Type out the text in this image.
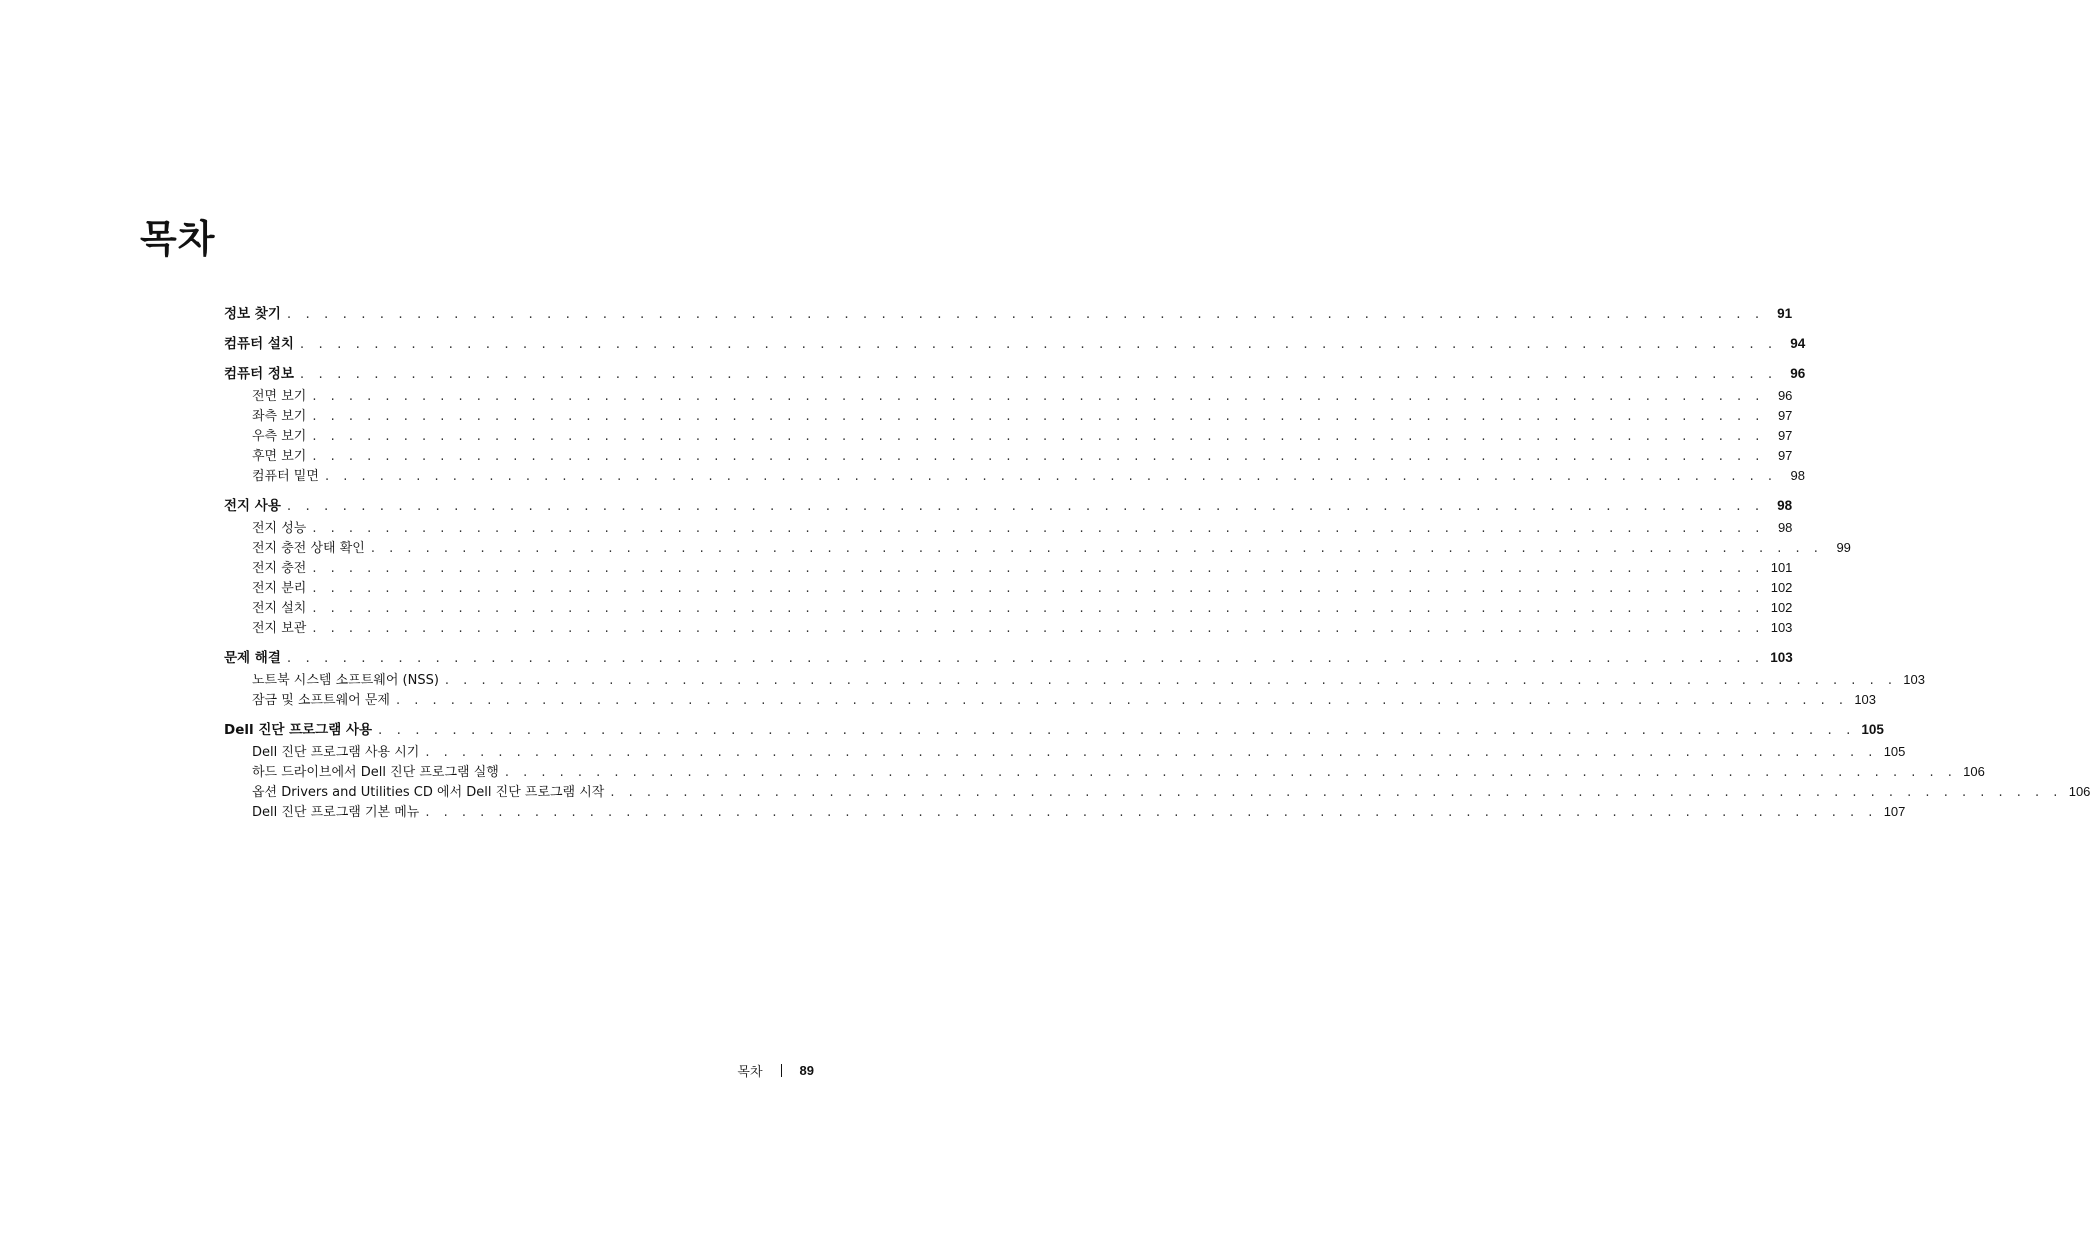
목차
정보 찾기 . . . . . . . . . . . . . . . . . . . . . . . . . . . . . . . . . . . . . . . . . . . . . . . . . . . . . . . . . . . . . . . . . . . . . . . . . . . . . . . . 91
컴퓨터 설치 . . . . . . . . . . . . . . . . . . . . . . . . . . . . . . . . . . . . . . . . . . . . . . . . . . . . . . . . . . . . . . . . . . . . . . . . . . . . . . . . 94
컴퓨터 정보 . . . . . . . . . . . . . . . . . . . . . . . . . . . . . . . . . . . . . . . . . . . . . . . . . . . . . . . . . . . . . . . . . . . . . . . . . . . . . . . . 96
전면 보기 . . . . . . . . . . . . . . . . . . . . . . . . . . . . . . . . . . . . . . . . . . . . . . . . . . . . . . . . . . . . . . . . . . . . . . . . . . . . . . . .	96
좌측 보기 . . . . . . . . . . . . . . . . . . . . . . . . . . . . . . . . . . . . . . . . . . . . . . . . . . . . . . . . . . . . . . . . . . . . . . . . . . . . . . . .	97
우측 보기 . . . . . . . . . . . . . . . . . . . . . . . . . . . . . . . . . . . . . . . . . . . . . . . . . . . . . . . . . . . . . . . . . . . . . . . . . . . . . . . .	97
후면 보기 . . . . . . . . . . . . . . . . . . . . . . . . . . . . . . . . . . . . . . . . . . . . . . . . . . . . . . . . . . . . . . . . . . . . . . . . . . . . . . . .	97
컴퓨터 밑면 . . . . . . . . . . . . . . . . . . . . . . . . . . . . . . . . . . . . . . . . . . . . . . . . . . . . . . . . . . . . . . . . . . . . . . . . . . . . . . . .	98
전지 사용 . . . . . . . . . . . . . . . . . . . . . . . . . . . . . . . . . . . . . . . . . . . . . . . . . . . . . . . . . . . . . . . . . . . . . . . . . . . . . . . . 98
전지 성능 . . . . . . . . . . . . . . . . . . . . . . . . . . . . . . . . . . . . . . . . . . . . . . . . . . . . . . . . . . . . . . . . . . . . . . . . . . . . . . . .	98
전지 충전 상태 확인 . . . . . . . . . . . . . . . . . . . . . . . . . . . . . . . . . . . . . . . . . . . . . . . . . . . . . . . . . . . . . . . . . . . . . . . . . . . . . . . .	99
전지 충전 . . . . . . . . . . . . . . . . . . . . . . . . . . . . . . . . . . . . . . . . . . . . . . . . . . . . . . . . . . . . . . . . . . . . . . . . . . . . . . . . 101
전지 분리 . . . . . . . . . . . . . . . . . . . . . . . . . . . . . . . . . . . . . . . . . . . . . . . . . . . . . . . . . . . . . . . . . . . . . . . . . . . . . . . . 102
전지 설치 . . . . . . . . . . . . . . . . . . . . . . . . . . . . . . . . . . . . . . . . . . . . . . . . . . . . . . . . . . . . . . . . . . . . . . . . . . . . . . . . 102
전지 보관 . . . . . . . . . . . . . . . . . . . . . . . . . . . . . . . . . . . . . . . . . . . . . . . . . . . . . . . . . . . . . . . . . . . . . . . . . . . . . . . . 103
문제 해결 . . . . . . . . . . . . . . . . . . . . . . . . . . . . . . . . . . . . . . . . . . . . . . . . . . . . . . . . . . . . . . . . . . . . . . . . . . . . . . . . 103
노트북 시스템 소프트웨어 (NSS) . . . . . . . . . . . . . . . . . . . . . . . . . . . . . . . . . . . . . . . . . . . . . . . . . . . . . . . . . . . . . . . . . . . . . . . . . . . . . . . . 103
잠금 및 소프트웨어 문제 . . . . . . . . . . . . . . . . . . . . . . . . . . . . . . . . . . . . . . . . . . . . . . . . . . . . . . . . . . . . . . . . . . . . . . . . . . . . . . . . 103
Dell 진단 프로그램 사용 . . . . . . . . . . . . . . . . . . . . . . . . . . . . . . . . . . . . . . . . . . . . . . . . . . . . . . . . . . . . . . . . . . . . . . . . . . . . . . . . 105
Dell 진단 프로그램 사용 시기 . . . . . . . . . . . . . . . . . . . . . . . . . . . . . . . . . . . . . . . . . . . . . . . . . . . . . . . . . . . . . . . . . . . . . . . . . . . . . . . . 105
하드 드라이브에서 Dell 진단 프로그램 실행 . . . . . . . . . . . . . . . . . . . . . . . . . . . . . . . . . . . . . . . . . . . . . . . . . . . . . . . . . . . . . . . . . . . . . . . . . . . . . . . . 106
옵션 Drivers and Utilities CD 에서 Dell 진단 프로그램 시작 . . . . . . . . . . . . . . . . . . . . . . . . . . . . . . . . . . . . . . . . . . . . . . . . . . . . . . . . . . . . . . . . . . . . . . . . . . . . . . . . 106
Dell 진단 프로그램 기본 메뉴 . . . . . . . . . . . . . . . . . . . . . . . . . . . . . . . . . . . . . . . . . . . . . . . . . . . . . . . . . . . . . . . . . . . . . . . . . . . . . . . . 107
목차	89
